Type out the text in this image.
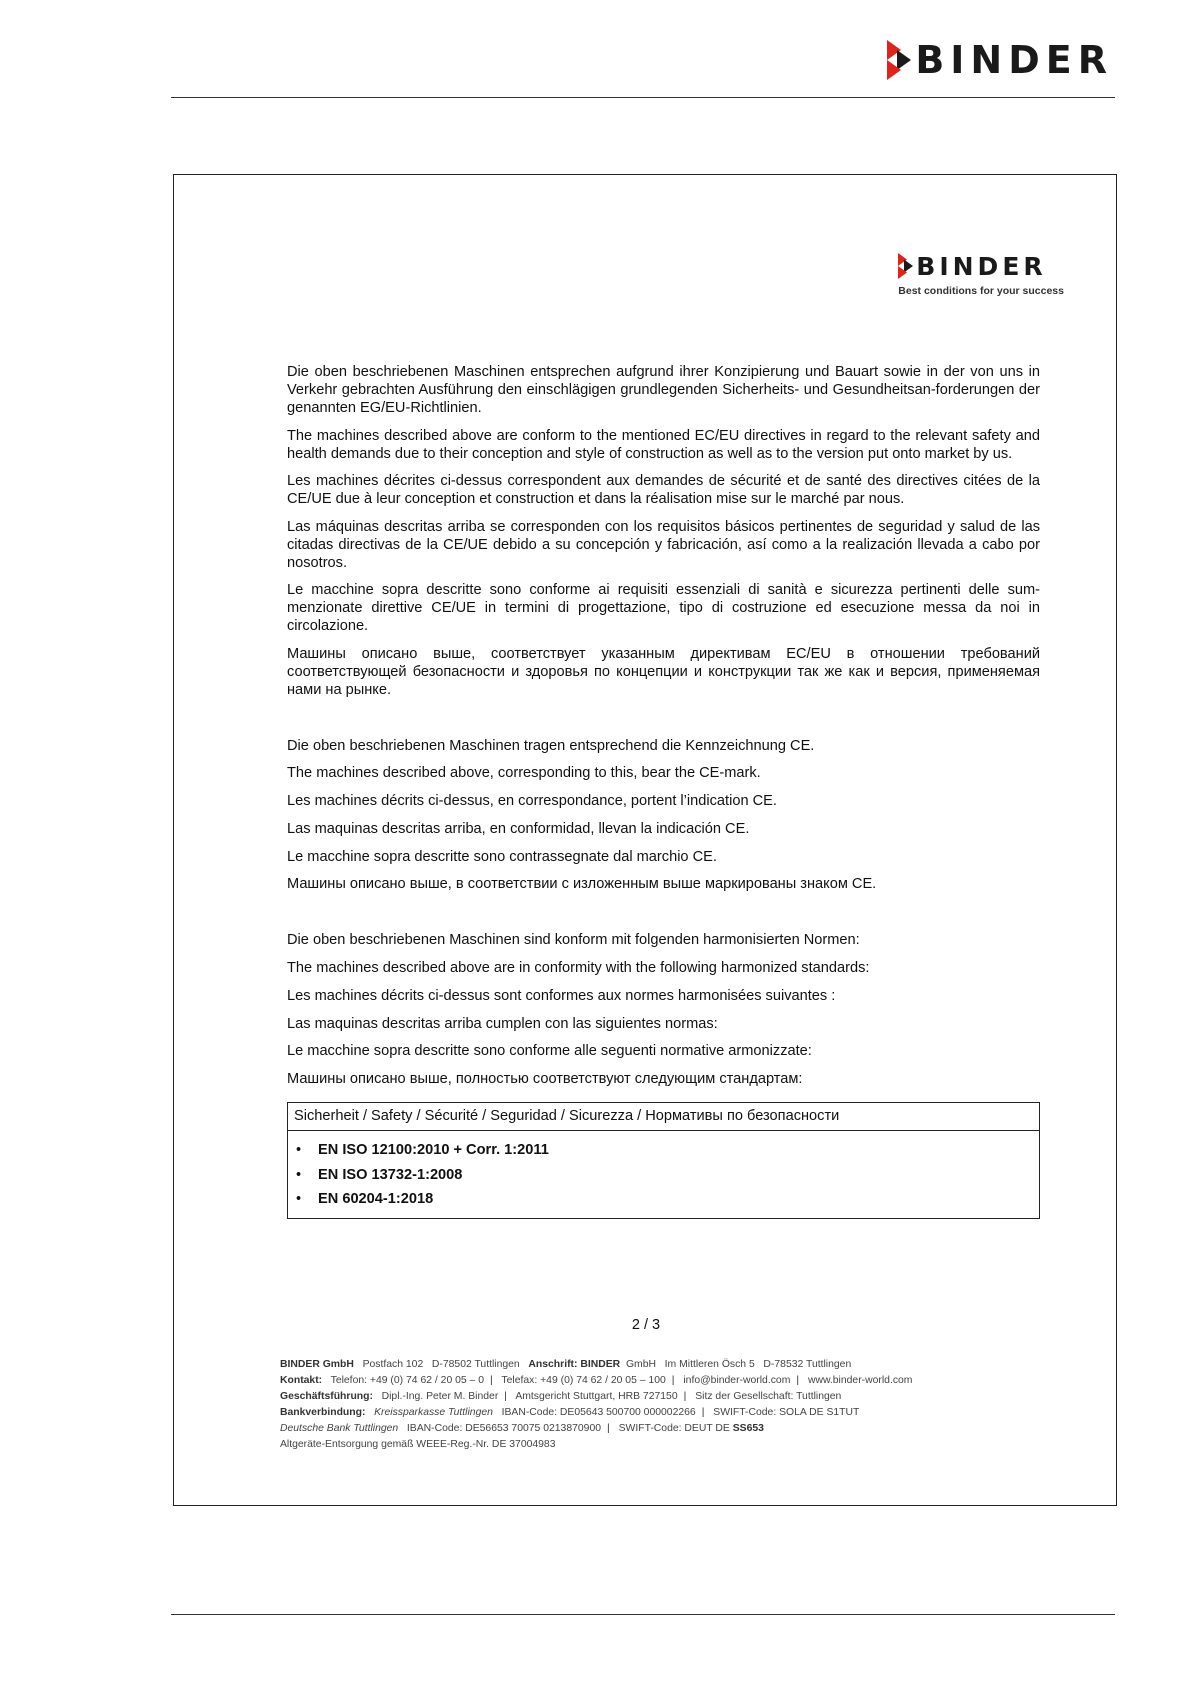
BINDER
BINDER
Best conditions for your success

Die oben beschriebenen Maschinen entsprechen aufgrund ihrer Konzipierung und Bauart sowie in der von uns in Verkehr gebrachten Ausführung den einschlägigen grundlegenden Sicherheits- und Gesundheitsan-forderungen der genannten EG/EU-Richtlinien.

The machines described above are conform to the mentioned EC/EU directives in regard to the relevant safety and health demands due to their conception and style of construction as well as to the version put onto market by us.

Les machines décrites ci-dessus correspondent aux demandes de sécurité et de santé des directives citées de la CE/UE due à leur conception et construction et dans la réalisation mise sur le marché par nous.

Las máquinas descritas arriba se corresponden con los requisitos básicos pertinentes de seguridad y salud de las citadas directivas de la CE/UE debido a su concepción y fabricación, así como a la realización llevada a cabo por nosotros.

Le macchine sopra descritte sono conforme ai requisiti essenziali di sanità e sicurezza pertinenti delle sum-menzionate direttive CE/UE in termini di progettazione, tipo di costruzione ed esecuzione messa da noi in circolazione.

Машины описано выше, соответствует указанным директивам EC/EU в отношении требований соответствующей безопасности и здоровья по концепции и конструкции так же как и версия, применяемая нами на рынке.

Die oben beschriebenen Maschinen tragen entsprechend die Kennzeichnung CE.

The machines described above, corresponding to this, bear the CE-mark.

Les machines décrits ci-dessus, en correspondance, portent l’indication CE.

Las maquinas descritas arriba, en conformidad, llevan la indicación CE.

Le macchine sopra descritte sono contrassegnate dal marchio CE.

Машины описано выше, в соответствии с изложенным выше маркированы знаком CE.

Die oben beschriebenen Maschinen sind konform mit folgenden harmonisierten Normen:

The machines described above are in conformity with the following harmonized standards:

Les machines décrits ci-dessus sont conformes aux normes harmonisées suivantes :

Las maquinas descritas arriba cumplen con las siguientes normas:

Le macchine sopra descritte sono conforme alle seguenti normative armonizzate:

Машины описано выше, полностью соответствуют следующим стандартам:

Sicherheit / Safety / Sécurité / Seguridad / Sicurezza / Нормативы по безопасности
•	EN ISO 12100:2010 + Corr. 1:2011
•	EN ISO 13732-1:2008
•	EN 60204-1:2018
2 / 3
BINDER GmbH Postfach 102 D-78502 Tuttlingen Anschrift: BINDER GmbH Im Mittleren Ösch 5 D-78532 Tuttlingen
Kontakt: Telefon: +49 (0) 74 62 / 20 05 – 0 | Telefax: +49 (0) 74 62 / 20 05 – 100 | info@binder-world.com | www.binder-world.com
Geschäftsführung: Dipl.-Ing. Peter M. Binder | Amtsgericht Stuttgart, HRB 727150 | Sitz der Gesellschaft: Tuttlingen
Bankverbindung: Kreissparkasse Tuttlingen IBAN-Code: DE05643 500700 000002266 | SWIFT-Code: SOLA DE S1TUT
Deutsche Bank Tuttlingen IBAN-Code: DE56653 70075 0213870900 | SWIFT-Code: DEUT DE SS653
Altgeräte-Entsorgung gemäß WEEE-Reg.-Nr. DE 37004983
